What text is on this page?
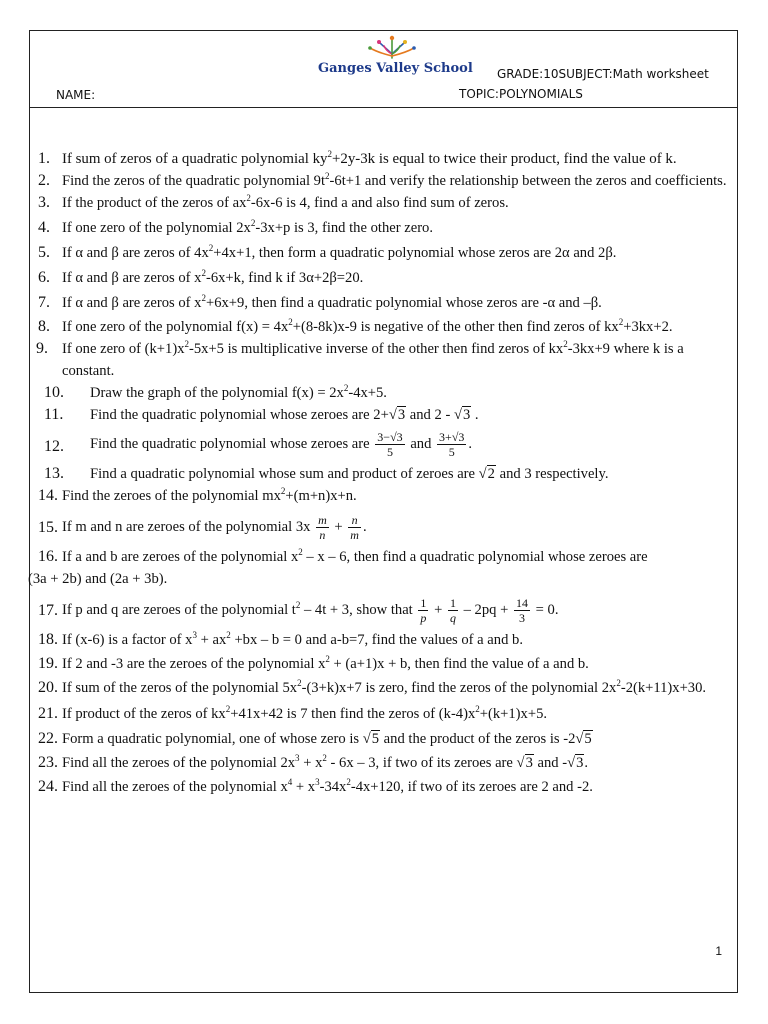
Ganges Valley School GRADE:10SUBJECT:Math worksheet
NAME:	TOPIC:POLYNOMIALS
1. If sum of zeros of a quadratic polynomial $ky^2+2y-3k$ is equal to twice their product, find the value of k.
2. Find the zeros of the quadratic polynomial $9t^2-6t+1$ and verify the relationship between the zeros and coefficients.
3. If the product of the zeros of $ax^2-6x-6$ is 4, find a and also find sum of zeros.
4. If one zero of the polynomial $2x^2-3x+p$ is 3, find the other zero.
5. If α and β are zeros of $4x^2+4x+1$, then form a quadratic polynomial whose zeros are 2α and 2β.
6. If α and β are zeros of $x^2-6x+k$, find k if 3α+2β=20.
7. If α and β are zeros of $x^2+6x+9$, then find a quadratic polynomial whose zeros are -α and –β.
8. If one zero of the polynomial $f(x) = 4x^2+(8-8k)x-9$ is negative of the other then find zeros of $kx^2+3kx+2$.
9. If one zero of $(k+1)x^2-5x+5$ is multiplicative inverse of the other then find zeros of $kx^2-3kx+9$ where k is a constant.
10. Draw the graph of the polynomial $f(x) = 2x^2-4x+5$.
11. Find the quadratic polynomial whose zeroes are 2+√3 and 2 - √3 .
12. Find the quadratic polynomial whose zeroes are $\frac{3-√3}{5}$ and $\frac{3+√3}{5}$ .
13. Find a quadratic polynomial whose sum and product of zeroes are √2 and 3 respectively.
14. Find the zeroes of the polynomial $mx^2+(m+n)x+n$.
15. If m and n are zeroes of the polynomial $3x \frac{m}{n} + \frac{n}{m}$ .
16. If a and b are zeroes of the polynomial $x^2$ – x – 6, then find a quadratic polynomial whose zeroes are
(3a + 2b) and (2a + 3b).
17. If p and q are zeroes of the polynomial $t^2 - 4t + 3$, show that $\frac{1}{p} + \frac{1}{q} - 2pq + \frac{14}{3} = 0$.
18. If (x-6) is a factor of $x^3 + ax^2 +bx - b = 0$ and a-b=7, find the values of a and b.
19. If 2 and -3 are the zeroes of the polynomial $x^2 + (a+1)x + b$, then find the value of a and b.
20. If sum of the zeros of the polynomial $5x^2-(3+k)x+7$ is zero, find the zeros of the polynomial $2x^2-2(k+11)x+30$.
21. If product of the zeros of $kx^2+41x+42$ is 7 then find the zeros of $(k-4)x^2+(k+1)x+5$.
22. Form a quadratic polynomial, one of whose zero is √5 and the product of the zeros is -2√5
23. Find all the zeroes of the polynomial $2x^3 + x^2 - 6x - 3$, if two of its zeroes are √3 and -√3.
24. Find all the zeroes of the polynomial $x^4 + x^3-34x^2-4x+120$, if two of its zeroes are 2 and -2.
1
